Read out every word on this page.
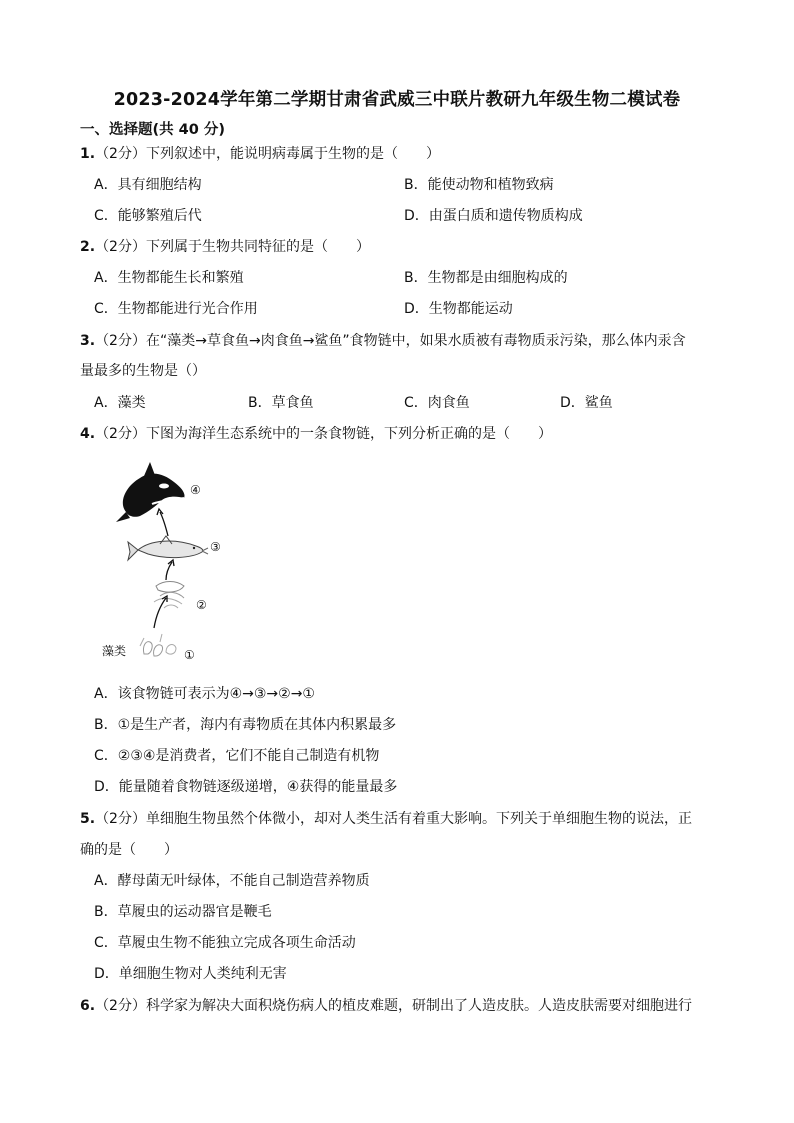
2023-2024学年第二学期甘肃省武威三中联片教研九年级生物二模试卷
一、选择题(共 40 分)
1.（2分）下列叙述中，能说明病毒属于生物的是（　　）
A．具有细胞结构	B．能使动物和植物致病
C．能够繁殖后代	D．由蛋白质和遗传物质构成
2.（2分）下列属于生物共同特征的是（　　）
A．生物都能生长和繁殖	B．生物都是由细胞构成的
C．生物都能进行光合作用	D．生物都能运动
3.（2分）在“藻类→草食鱼→肉食鱼→鲨鱼”食物链中，如果水质被有毒物质汞污染，那么体内汞含
量最多的生物是（）
A．藻类	B．草食鱼	C．肉食鱼	D．鲨鱼
4.（2分）下图为海洋生态系统中的一条食物链，下列分析正确的是（　　）
藻类
④
③
②
①
A．该食物链可表示为④→③→②→①
B．①是生产者，海内有毒物质在其体内积累最多
C．②③④是消费者，它们不能自己制造有机物
D．能量随着食物链逐级递增，④获得的能量最多
5.（2分）单细胞生物虽然个体微小，却对人类生活有着重大影响。下列关于单细胞生物的说法，正
确的是（　　）
A．酵母菌无叶绿体，不能自己制造营养物质
B．草履虫的运动器官是鞭毛
C．草履虫生物不能独立完成各项生命活动
D．单细胞生物对人类纯利无害
6.（2分）科学家为解决大面积烧伤病人的植皮难题，研制出了人造皮肤。人造皮肤需要对细胞进行
